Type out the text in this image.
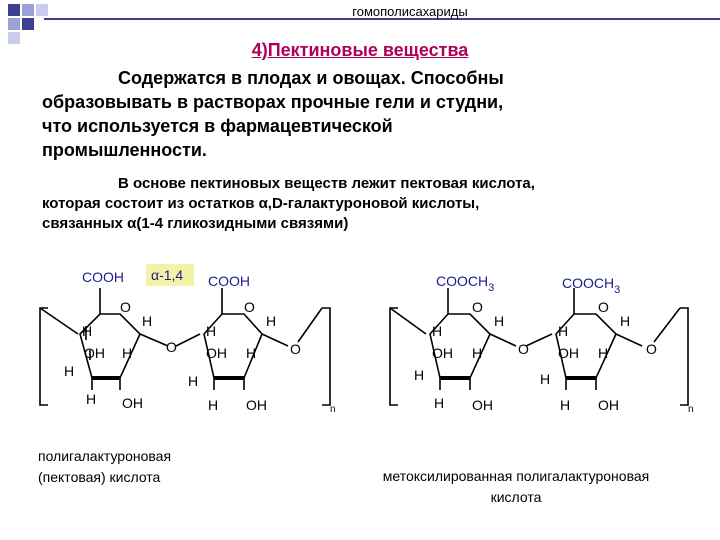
гомополисахариды
4)Пектиновые вещества
Содержатся в плодах и овощах. Способны
образовывать в растворах прочные гели и студни,
что используется в фармацевтической
промышленности.
В основе пектиновых веществ лежит пектовая кислота,
которая состоит из остатков α,D-галактуроновой кислоты,
связанных α(1-4 гликозидными связями)
COOH α-1,4 COOH
O
H
H
OH H
H
H OH
O
O
H
H
OH H
H
H OH
O
n
$COOCH_3$	$COOCH_3$
O
H
H
OH H
H
H OH
O
O
H
H
OH H
H
H OH
O
n
полигалактуроновая
(пектовая) кислота	метоксилированная полигалактуроновая
кислота
